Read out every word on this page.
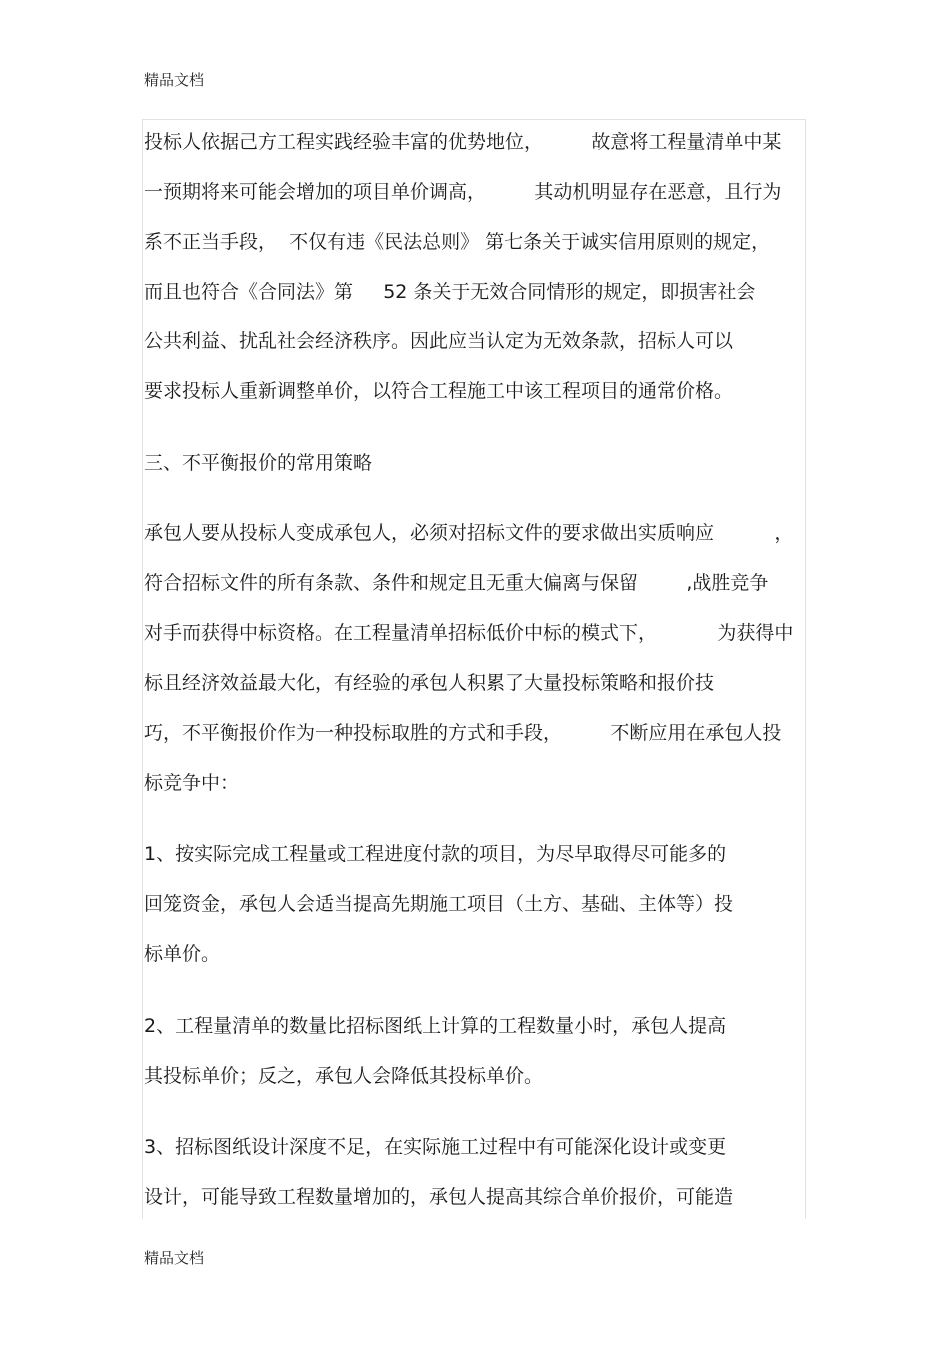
精品文档
投标人依据己方工程实践经验丰富的优势地位，        故意将工程量清单中某
一预期将来可能会增加的项目单价调高，        其动机明显存在恶意，且行为
系不正当手段，  不仅有违《民法总则》 第七条关于诚实信用原则的规定，
而且也符合《合同法》第     52 条关于无效合同情形的规定，即损害社会
公共利益、扰乱社会经济秩序。因此应当认定为无效条款，招标人可以
要求投标人重新调整单价，以符合工程施工中该工程项目的通常价格。
三、不平衡报价的常用策略
承包人要从投标人变成承包人，必须对招标文件的要求做出实质响应          ，
符合招标文件的所有条款、条件和规定且无重大偏离与保留        ,战胜竞争
对手而获得中标资格。在工程量清单招标低价中标的模式下，          为获得中
标且经济效益最大化，有经验的承包人积累了大量投标策略和报价技
巧，不平衡报价作为一种投标取胜的方式和手段，        不断应用在承包人投
标竞争中：
1、按实际完成工程量或工程进度付款的项目，为尽早取得尽可能多的
回笼资金，承包人会适当提高先期施工项目（土方、基础、主体等）投
标单价。
2、工程量清单的数量比招标图纸上计算的工程数量小时，承包人提高
其投标单价；反之，承包人会降低其投标单价。
3、招标图纸设计深度不足，在实际施工过程中有可能深化设计或变更
设计，可能导致工程数量增加的，承包人提高其综合单价报价，可能造
精品文档
